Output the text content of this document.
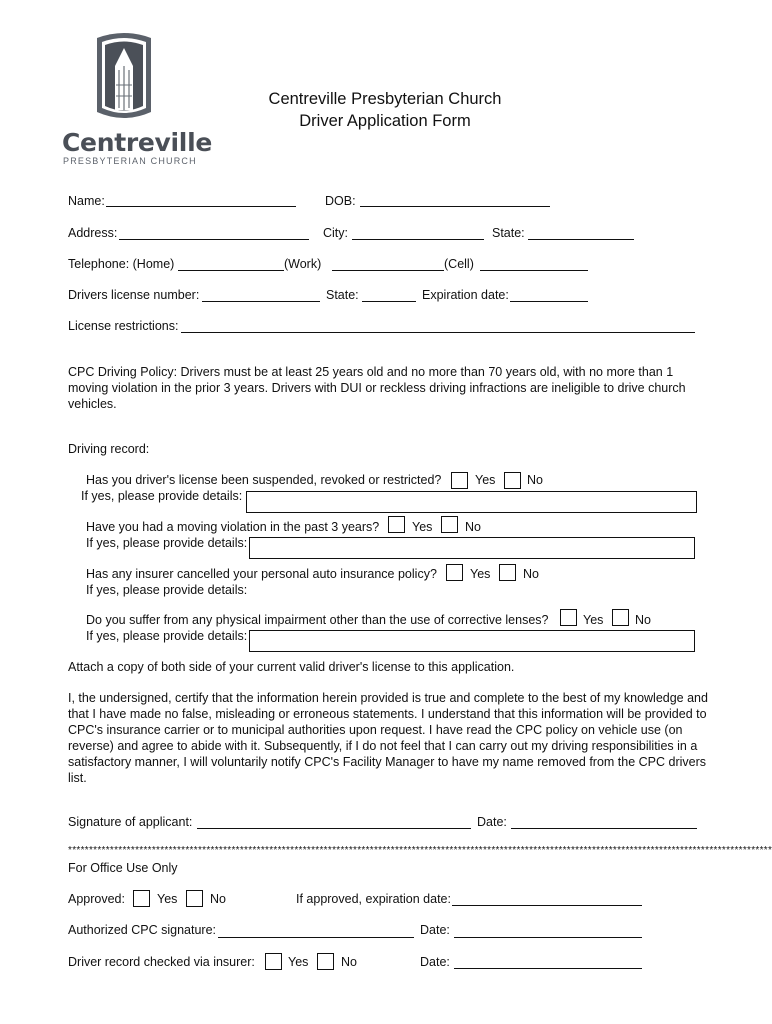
Centreville
PRESBYTERIAN CHURCH
Centreville Presbyterian Church
Driver Application Form
Name:	DOB:
Address:	City:	State:
Telephone: (Home)	(Work)	(Cell)
Drivers license number:	State:	Expiration date:
License restrictions:
CPC Driving Policy: Drivers must be at least 25 years old and no more than 70 years old, with no more than 1 moving violation in the prior 3 years. Drivers with DUI or reckless driving infractions are ineligible to drive church vehicles.
Driving record:
Has you driver's license been suspended, revoked or restricted?	Yes	No
If yes, please provide details:
Have you had a moving violation in the past 3 years?	Yes	No
If yes, please provide details:
Has any insurer cancelled your personal auto insurance policy?	Yes	No
If yes, please provide details:
Do you suffer from any physical impairment other than the use of corrective lenses?	Yes	No
If yes, please provide details:
Attach a copy of both side of your current valid driver's license to this application.
I, the undersigned, certify that the information herein provided is true and complete to the best of my knowledge and that I have made no false, misleading or erroneous statements. I understand that this information will be provided to CPC's insurance carrier or to municipal authorities upon request. I have read the CPC policy on vehicle use (on reverse) and agree to abide with it. Subsequently, if I do not feel that I can carry out my driving responsibilities in a satisfactory manner, I will voluntarily notify CPC's Facility Manager to have my name removed from the CPC drivers list.
Signature of applicant:	Date:
************************************************************************************************************************************************************************
For Office Use Only
Approved:	Yes	No	If approved, expiration date:
Authorized CPC signature:	Date:
Driver record checked via insurer:	Yes	No	Date:
